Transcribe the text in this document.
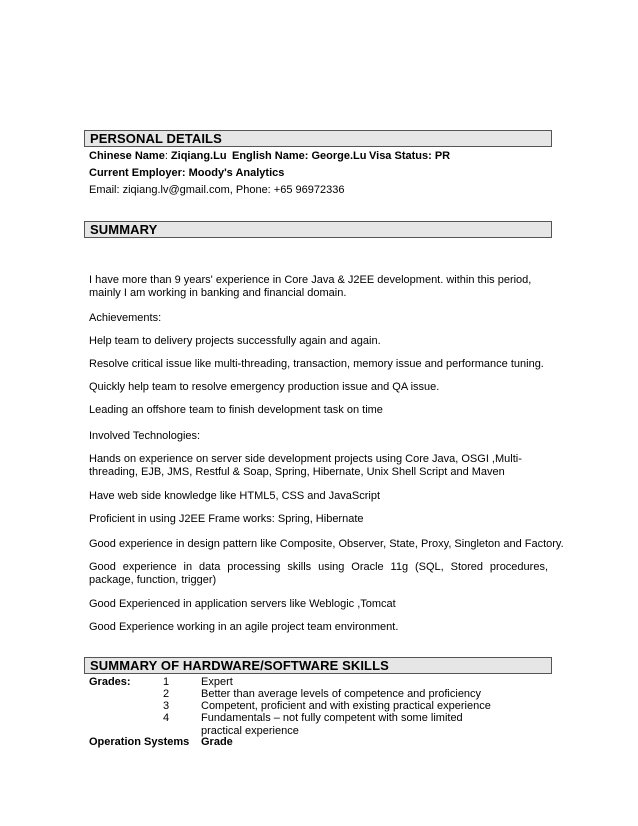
PERSONAL DETAILS
Chinese Name: Ziqiang.Lu English Name: George.Lu Visa Status: PR
Current Employer: Moody's Analytics
Email: ziqiang.lv@gmail.com, Phone: +65 96972336
SUMMARY
I have more than 9 years' experience in Core Java & J2EE development. within this period, mainly I am working in banking and financial domain.
Achievements:
Help team to delivery projects successfully again and again.
Resolve critical issue like multi-threading, transaction, memory issue and performance tuning.
Quickly help team to resolve emergency production issue and QA issue.
Leading an offshore team to finish development task on time
Involved Technologies:
Hands on experience on server side development projects using Core Java, OSGI ,Multi-threading, EJB, JMS, Restful & Soap, Spring, Hibernate, Unix Shell Script and Maven
Have web side knowledge like HTML5, CSS and JavaScript
Proficient in using J2EE Frame works: Spring, Hibernate
Good experience in design pattern like Composite, Observer, State, Proxy, Singleton and Factory.
Good experience in data processing skills using Oracle 11g (SQL, Stored procedures, package, function, trigger)
Good Experienced in application servers like Weblogic ,Tomcat
Good Experience working in an agile project team environment.
SUMMARY OF HARDWARE/SOFTWARE SKILLS
Grades:	1	Expert
2	Better than average levels of competence and proficiency
3	Competent, proficient and with existing practical experience
4	Fundamentals – not fully competent with some limited practical experience
Operation Systems Grade
